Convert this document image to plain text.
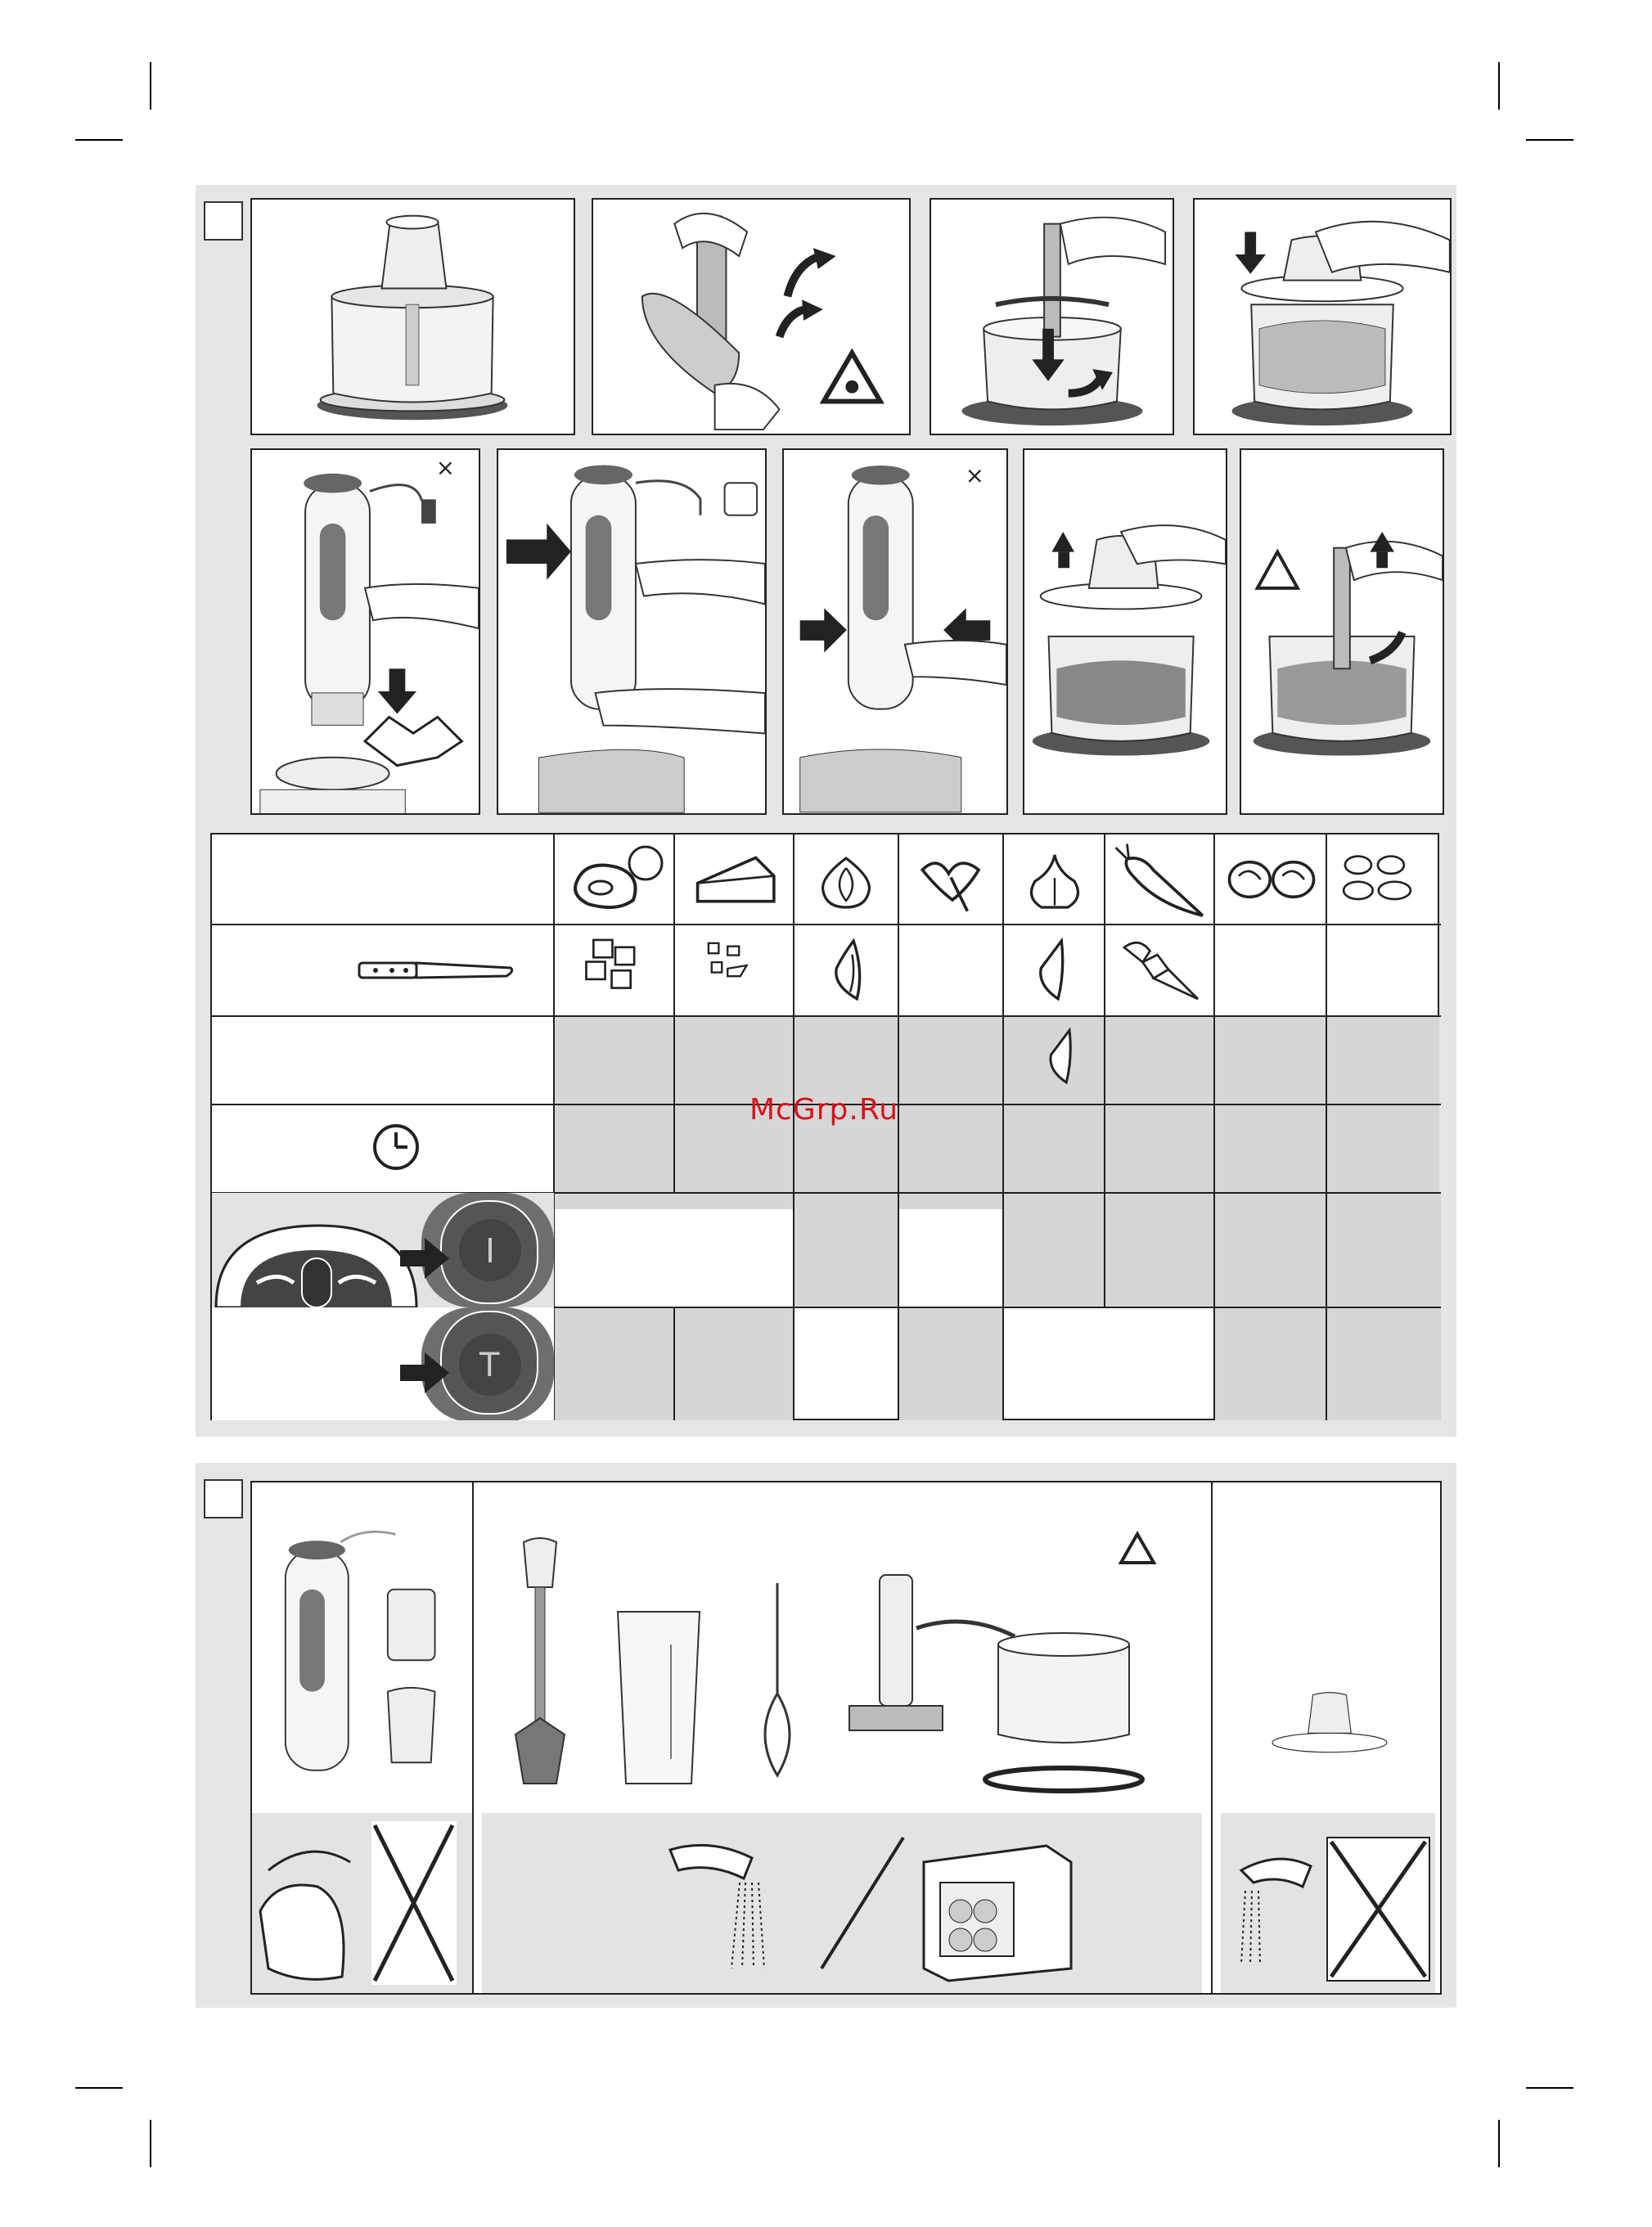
×	×
T
McGrp.Ru
